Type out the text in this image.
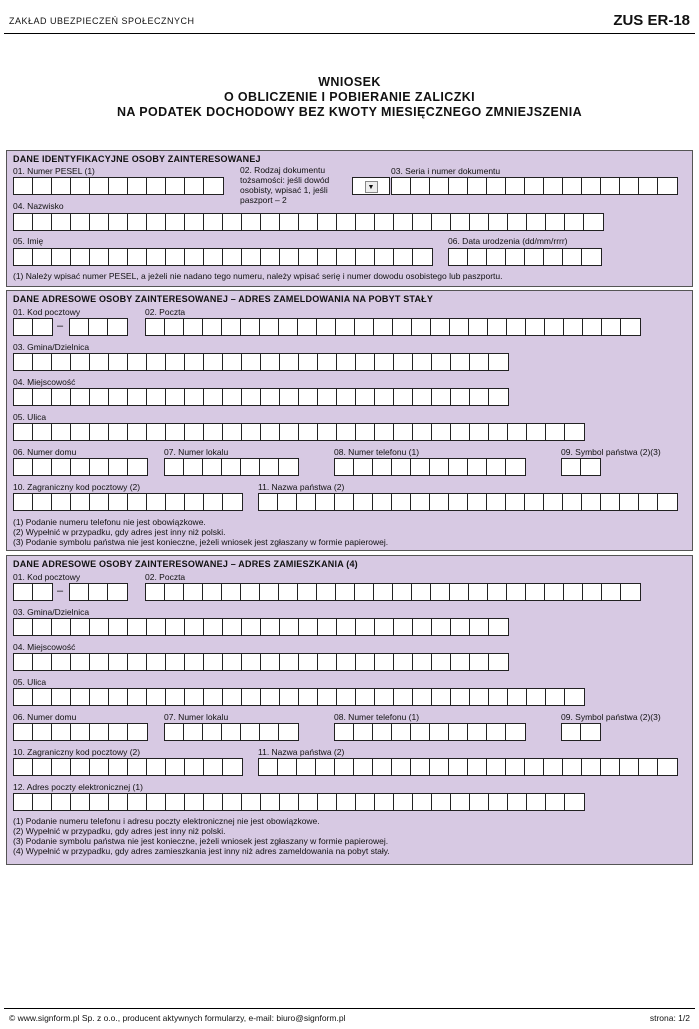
ZAKŁAD UBEZPIECZEŃ SPOŁECZNYCH	ZUS ER-18
WNIOSEK
O OBLICZENIE I POBIERANIE ZALICZKI
NA PODATEK DOCHODOWY BEZ KWOTY MIESIĘCZNEGO ZMNIEJSZENIA
DANE IDENTYFIKACYJNE OSOBY ZAINTERESOWANEJ
01. Numer PESEL (1)	02. Rodzaj dokumentu tożsamości: jeśli dowód osobisty, wpisać 1, jeśli paszport – 2
▼
03. Seria i numer dokumentu
04. Nazwisko
05. Imię	06. Data urodzenia (dd/mm/rrrr)
(1) Należy wpisać numer PESEL, a jeżeli nie nadano tego numeru, należy wpisać serię i numer dowodu osobistego lub paszportu.
DANE ADRESOWE OSOBY ZAINTERESOWANEJ – ADRES ZAMELDOWANIA NA POBYT STAŁY
01. Kod pocztowy
–
02. Poczta
03. Gmina/Dzielnica
04. Miejscowość
05. Ulica
06. Numer domu	07. Numer lokalu	08. Numer telefonu (1)	09. Symbol państwa (2)(3)
10. Zagraniczny kod pocztowy (2)	11. Nazwa państwa (2)
(1) Podanie numeru telefonu nie jest obowiązkowe.
(2) Wypełnić w przypadku, gdy adres jest inny niż polski.
(3) Podanie symbolu państwa nie jest konieczne, jeżeli wniosek jest zgłaszany w formie papierowej.
DANE ADRESOWE OSOBY ZAINTERESOWANEJ – ADRES ZAMIESZKANIA (4)
01. Kod pocztowy
–
02. Poczta
03. Gmina/Dzielnica
04. Miejscowość
05. Ulica
06. Numer domu	07. Numer lokalu	08. Numer telefonu (1)	09. Symbol państwa (2)(3)
10. Zagraniczny kod pocztowy (2)	11. Nazwa państwa (2)
12. Adres poczty elektronicznej (1)
(1) Podanie numeru telefonu i adresu poczty elektronicznej nie jest obowiązkowe.
(2) Wypełnić w przypadku, gdy adres jest inny niż polski.
(3) Podanie symbolu państwa nie jest konieczne, jeżeli wniosek jest zgłaszany w formie papierowej.
(4) Wypełnić w przypadku, gdy adres zamieszkania jest inny niż adres zameldowania na pobyt stały.
© www.signform.pl Sp. z o.o., producent aktywnych formularzy, e-mail: biuro@signform.pl	strona: 1/2
